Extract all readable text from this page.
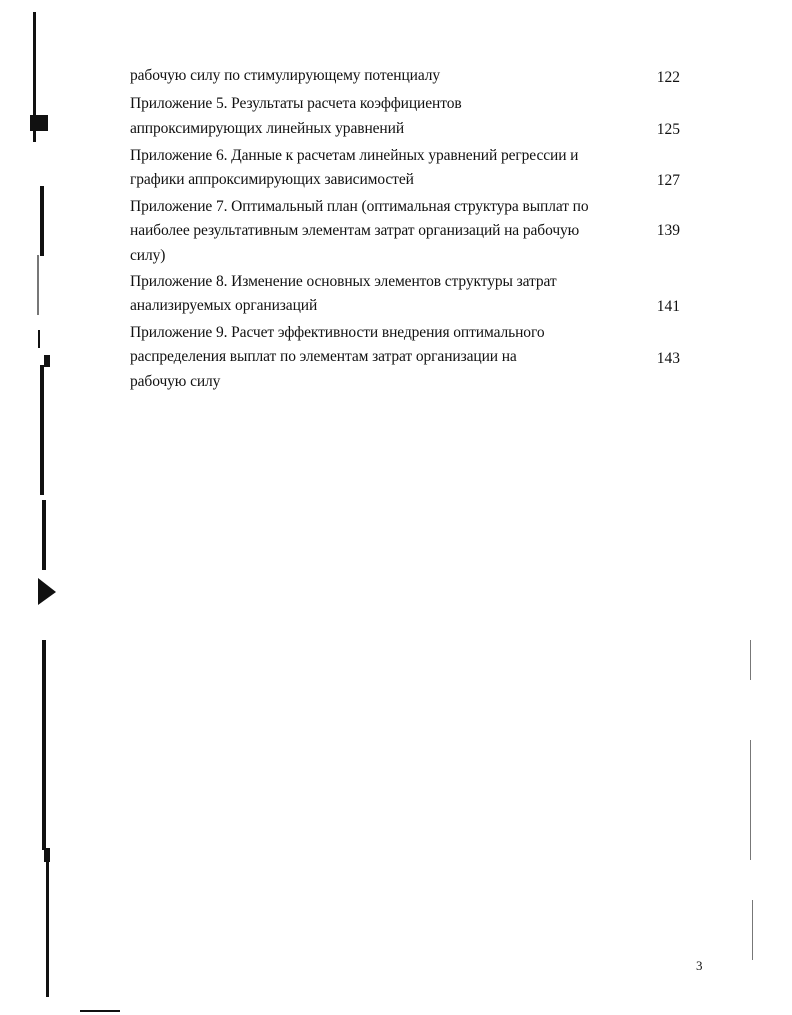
рабочую силу по стимулирующему потенциалу	122
Приложение 5. Результаты расчета коэффициентов
аппроксимирующих линейных уравнений	125
Приложение 6. Данные к расчетам линейных уравнений регрессии и
графики аппроксимирующих зависимостей	127
Приложение 7. Оптимальный план (оптимальная структура выплат по
наиболее результативным элементам затрат организаций на рабочую	139
силу)
Приложение 8. Изменение основных элементов структуры затрат
анализируемых организаций	141
Приложение 9. Расчет эффективности внедрения оптимального
распределения выплат по элементам затрат организации на	143
рабочую силу
3
